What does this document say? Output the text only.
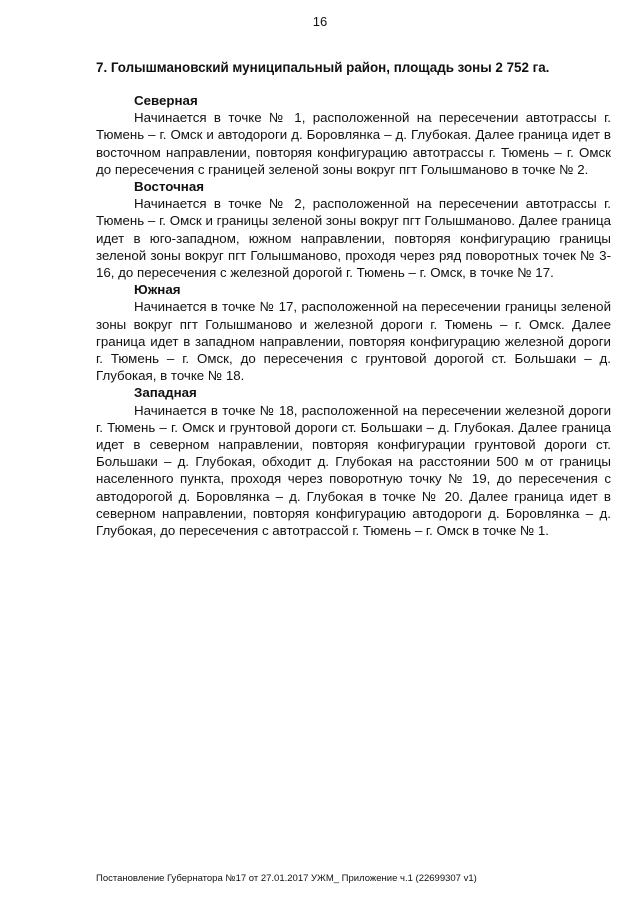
16
7. Голышмановский муниципальный район, площадь зоны 2 752 га.

Северная

Начинается в точке № 1, расположенной на пересечении автотрассы г. Тюмень – г. Омск и автодороги д. Боровлянка – д. Глубокая. Далее граница идет в восточном направлении, повторяя конфигурацию автотрассы г. Тюмень – г. Омск до пересечения с границей зеленой зоны вокруг пгт Голышманово в точке № 2.

Восточная

Начинается в точке № 2, расположенной на пересечении автотрассы г. Тюмень – г. Омск и границы зеленой зоны вокруг пгт Голышманово. Далее граница идет в юго-западном, южном направлении, повторяя конфигурацию границы зеленой зоны вокруг пгт Голышманово, проходя через ряд поворотных точек № 3-16, до пересечения с железной дорогой г. Тюмень – г. Омск, в точке № 17.

Южная

Начинается в точке № 17, расположенной на пересечении границы зеленой зоны вокруг пгт Голышманово и железной дороги г. Тюмень – г. Омск. Далее граница идет в западном направлении, повторяя конфигурацию железной дороги г. Тюмень – г. Омск, до пересечения с грунтовой дорогой ст. Большаки – д. Глубокая, в точке № 18.

Западная

Начинается в точке № 18, расположенной на пересечении железной дороги г. Тюмень – г. Омск и грунтовой дороги ст. Большаки – д. Глубокая. Далее граница идет в северном направлении, повторяя конфигурации грунтовой дороги ст. Большаки – д. Глубокая, обходит д. Глубокая на расстоянии 500 м от границы населенного пункта, проходя через поворотную точку № 19, до пересечения с автодорогой д. Боровлянка – д. Глубокая в точке № 20. Далее граница идет в северном направлении, повторяя конфигурацию автодороги д. Боровлянка – д. Глубокая, до пересечения с автотрассой г. Тюмень – г. Омск в точке № 1.

Постановление Губернатора №17 от 27.01.2017 УЖМ_ Приложение ч.1 (22699307 v1)
